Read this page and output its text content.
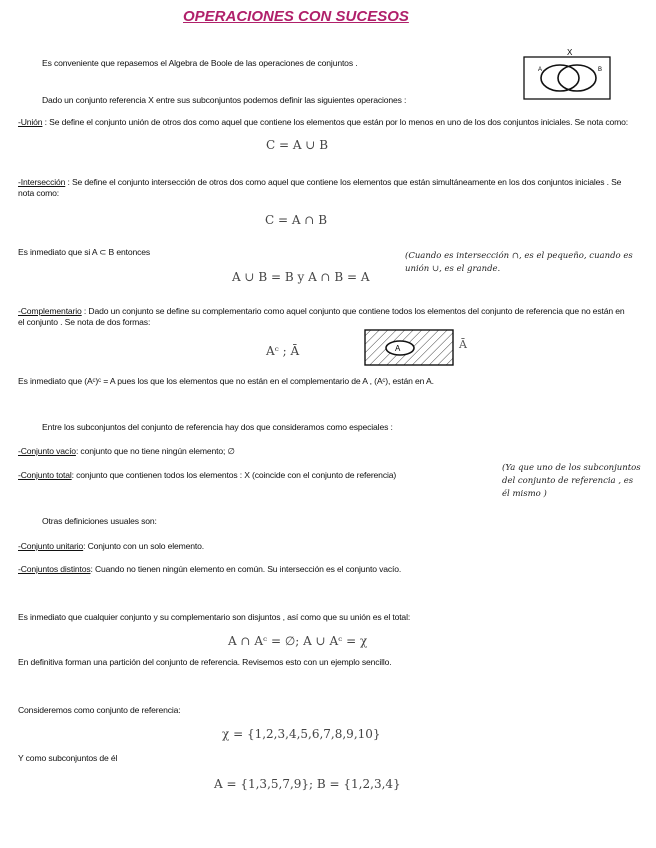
OPERACIONES CON SUCESOS
X
A	B
Es conveniente que repasemos el Algebra de Boole de las operaciones de conjuntos .
Dado un conjunto referencia X entre sus subconjuntos podemos definir las siguientes operaciones :
-Unión : Se define el conjunto unión de otros dos como aquel que contiene los elementos que están por lo menos en uno de los dos conjuntos iniciales. Se nota como:
C = A ∪ B
-Intersección : Se define el conjunto intersección de otros dos como aquel que contiene los elementos que están simultáneamente en los dos conjuntos iniciales . Se nota como:
C = A ∩ B
Es inmediato que si A ⊂ B entonces
A ∪ B = B y A ∩ B = A
(Cuando es intersección ∩, es el pequeño, cuando es unión ∪, es el grande.
-Complementario : Dado un conjunto se define su complementario como aquel conjunto que contiene todos los elementos del conjunto de referencia que no están en el conjunto . Se nota de dos formas:
Aᶜ ; Ā	A	Ā
Es inmediato que (Aᶜ)ᶜ = A pues los que los elementos que no están en el complementario de A , (Aᶜ), están en A.
Entre los subconjuntos del conjunto de referencia hay dos que consideramos como especiales :
-Conjunto vacío: conjunto que no tiene ningún elemento; ∅
-Conjunto total: conjunto que contienen todos los elementos : X (coincide con el conjunto de referencia)
(Ya que uno de los subconjuntos del conjunto de referencia , es él mismo )
Otras definiciones usuales son:
-Conjunto unitario: Conjunto con un solo elemento.
-Conjuntos distintos: Cuando no tienen ningún elemento en común. Su intersección es el conjunto vacío.
Es inmediato que cualquier conjunto y su complementario son disjuntos , así como que su unión es el total:
A ∩ Aᶜ = ∅; A ∪ Aᶜ = χ
En definitiva forman una partición del conjunto de referencia. Revisemos esto con un ejemplo sencillo.
Consideremos como conjunto de referencia:
χ = {1,2,3,4,5,6,7,8,9,10}
Y como subconjuntos de él
A = {1,3,5,7,9}; B = {1,2,3,4}
